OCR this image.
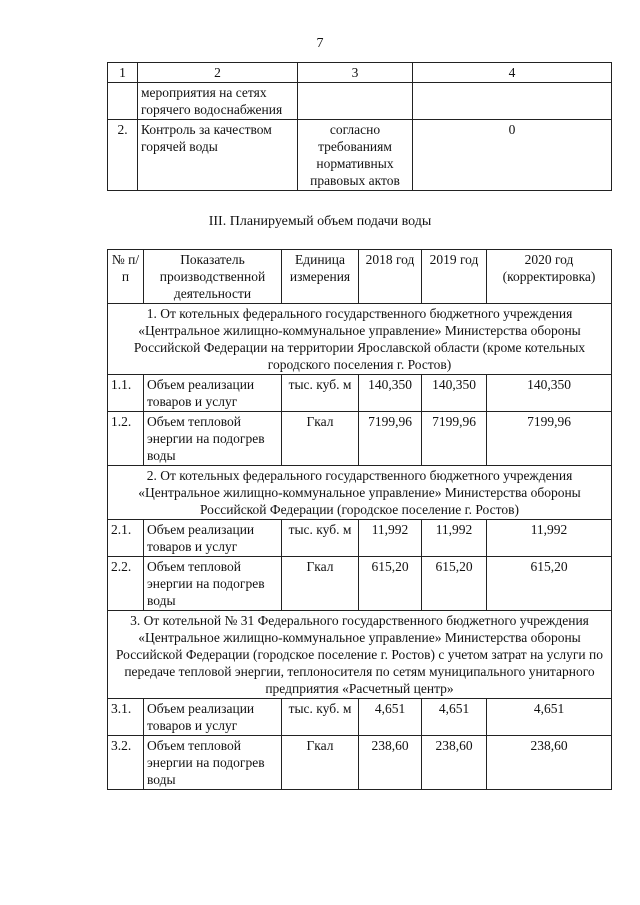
7
1	2	3	4
	мероприятия на сетях горячего водоснабжения		
2.	Контроль за качеством горячей воды	согласно требованиям нормативных правовых актов	0
III. Планируемый объем подачи воды
№ п/п	Показатель производственной деятельности	Единица измерения	2018 год	2019 год	2020 год (корректировка)
1. От котельных федерального государственного бюджетного учреждения «Центральное жилищно-коммунальное управление» Министерства обороны Российской Федерации на территории Ярославской области (кроме котельных городского поселения г. Ростов)					
1.1.	Объем реализации товаров и услуг	тыс. куб. м	140,350	140,350	140,350
1.2.	Объем тепловой энергии на подогрев воды	Гкал	7199,96	7199,96	7199,96
2. От котельных федерального государственного бюджетного учреждения «Центральное жилищно-коммунальное управление» Министерства обороны Российской Федерации (городское поселение г. Ростов)					
2.1.	Объем реализации товаров и услуг	тыс. куб. м	11,992	11,992	11,992
2.2.	Объем тепловой энергии на подогрев воды	Гкал	615,20	615,20	615,20
3. От котельной № 31 Федерального государственного бюджетного учреждения «Центральное жилищно-коммунальное управление» Министерства обороны Российской Федерации (городское поселение г. Ростов) с учетом затрат на услуги по передаче тепловой энергии, теплоносителя по сетям муниципального унитарного предприятия «Расчетный центр»					
3.1.	Объем реализации товаров и услуг	тыс. куб. м	4,651	4,651	4,651
3.2.	Объем тепловой энергии на подогрев воды	Гкал	238,60	238,60	238,60
